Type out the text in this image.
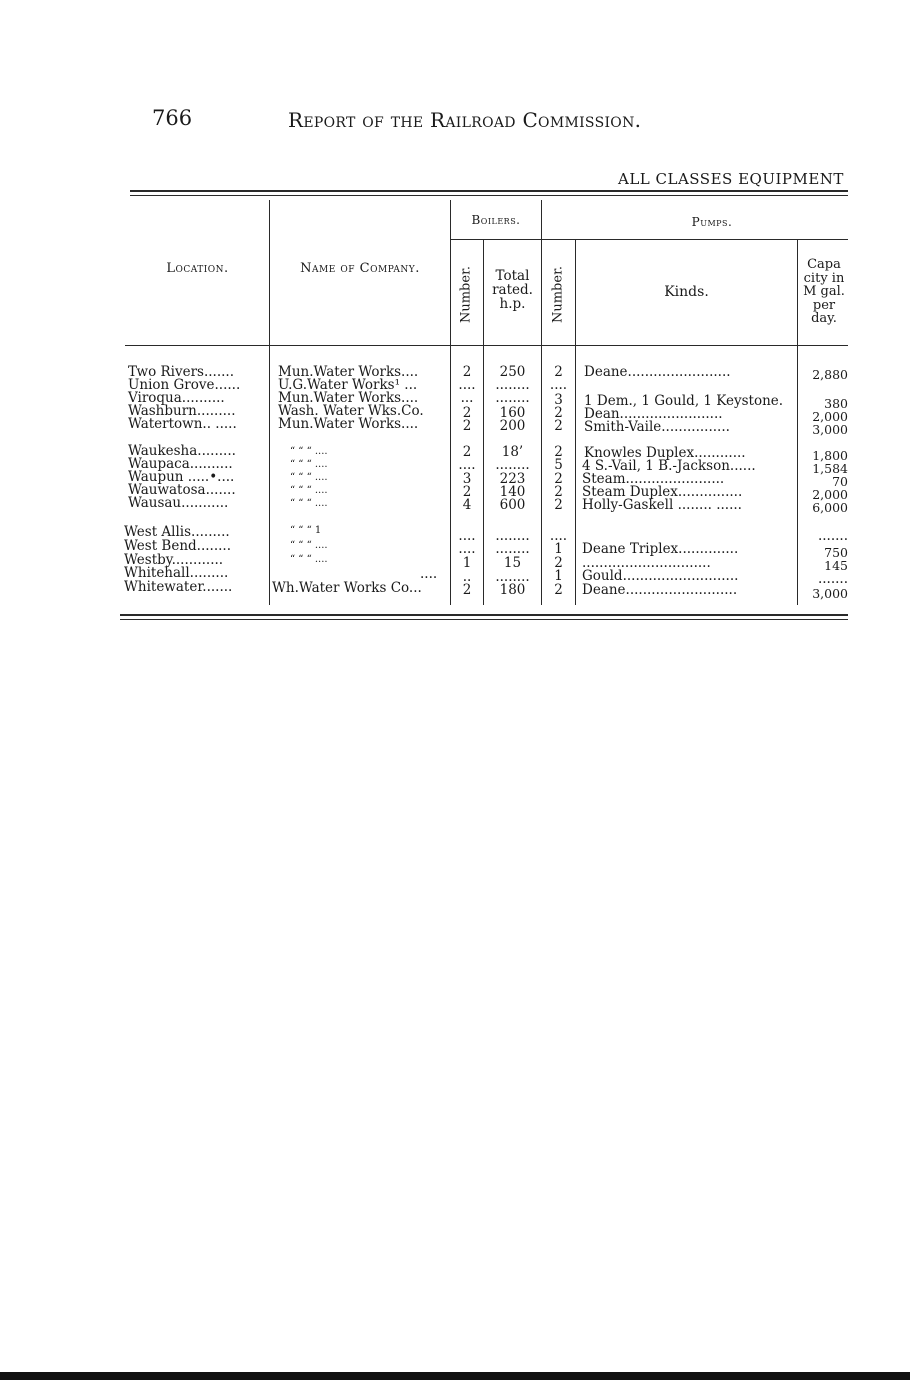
766	Report of the Railroad Commission.
ALL CLASSES EQUIPMENT
Location.	Name of Company.
Boilers.	Pumps.
Number.	Total
rated.
h.p.	Number.	Kinds.
Capa
city in
M gal.
per
day.
Two Rivers.......	Mun.Water Works....	2	250	2	Deane........................	2,880
Union Grove......	U.G.Water Works¹ ...	....	........	....
Viroqua..........	Mun.Water Works....	...	........	3	1 Dem., 1 Gould, 1 Keystone.	380
Washburn.........	Wash. Water Wks.Co.	2	160	2	Dean........................	2,000
Watertown.. .....	Mun.Water Works....	2	200	2	Smith-Vaile................	3,000
Waukesha.........	“ “ “ ....	2	18’	2	Knowles Duplex............	1,800
Waupaca..........	“ “ “ ....	....	........	5	4 S.-Vail, 1 B.-Jackson......	1,584
Waupun .....•....	“ “ “ ....	3	223	2	Steam.......................	70
Wauwatosa.......	“ “ “ ....	2	140	2	Steam Duplex...............	2,000
Wausau...........	“ “ “ ....	4	600	2	Holly-Gaskell ........ ......	6,000
West Allis.........	“ “ “ 1	....	........	....	.......
West Bend........	“ “ “ ....	....	........	1	Deane Triplex..............	750
Westby............	“ “ “ ....	1	15	2	..............................	145
Whitehall.........	....	..	........	1	Gould...........................	.......
Whitewater.......	Wh.Water Works Co...	2	180	2	Deane..........................	3,000
